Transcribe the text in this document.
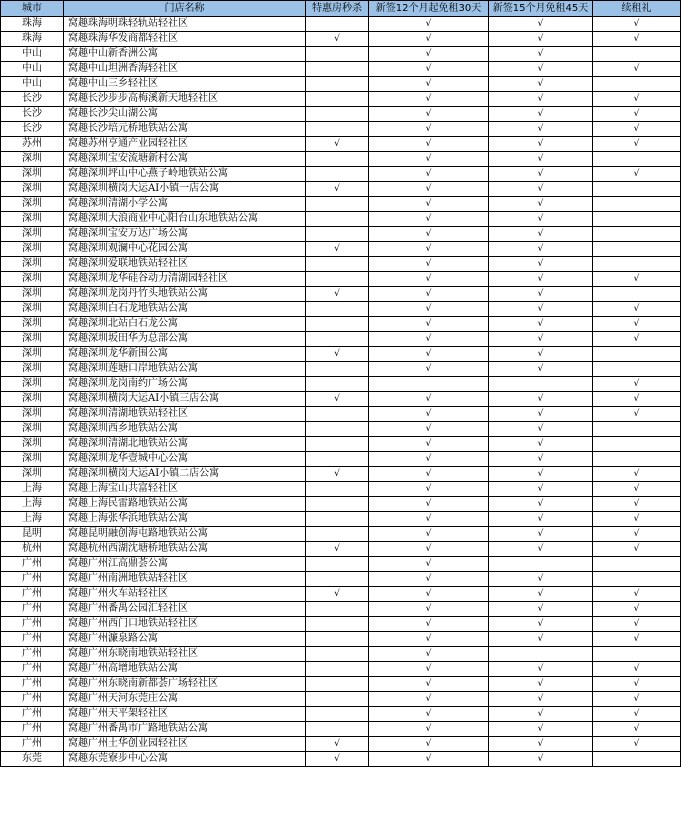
城市	门店名称	特惠房秒杀	新签12个月起免租30天	新签15个月免租45天	续租礼
珠海	窝趣珠海明珠轻轨站轻社区		√	√	√
珠海	窝趣珠海华发商都轻社区	√	√	√	√
中山	窝趣中山新香洲公寓		√	√	
中山	窝趣中山坦洲香海轻社区		√	√	√
中山	窝趣中山三乡轻社区		√	√	
长沙	窝趣长沙步步高梅溪新天地轻社区		√	√	√
长沙	窝趣长沙尖山湖公寓		√	√	√
长沙	窝趣长沙培元桥地铁站公寓		√	√	√
苏州	窝趣苏州亨通产业园轻社区	√	√	√	√
深圳	窝趣深圳宝安流塘新村公寓		√	√	
深圳	窝趣深圳坪山中心燕子岭地铁站公寓		√	√	√
深圳	窝趣深圳横岗大运AI小镇一店公寓	√	√	√	
深圳	窝趣深圳清湖小学公寓		√	√	
深圳	窝趣深圳大浪商业中心阳台山东地铁站公寓		√	√	
深圳	窝趣深圳宝安万达广场公寓		√	√	
深圳	窝趣深圳观澜中心花园公寓	√	√	√	
深圳	窝趣深圳爱联地铁站轻社区		√	√	
深圳	窝趣深圳龙华硅谷动力清湖园轻社区		√	√	√
深圳	窝趣深圳龙岗丹竹头地铁站公寓	√	√	√	
深圳	窝趣深圳白石龙地铁站公寓		√	√	√
深圳	窝趣深圳北站白石龙公寓		√	√	√
深圳	窝趣深圳坂田华为总部公寓		√	√	√
深圳	窝趣深圳龙华新围公寓	√	√	√	
深圳	窝趣深圳莲塘口岸地铁站公寓		√	√	
深圳	窝趣深圳龙岗南约广场公寓				√
深圳	窝趣深圳横岗大运AI小镇三店公寓	√	√	√	√
深圳	窝趣深圳清湖地铁站轻社区		√	√	√
深圳	窝趣深圳西乡地铁站公寓		√	√	
深圳	窝趣深圳清湖北地铁站公寓		√	√	
深圳	窝趣深圳龙华壹城中心公寓		√	√	
深圳	窝趣深圳横岗大运AI小镇二店公寓	√	√	√	√
上海	窝趣上海宝山共富轻社区		√	√	√
上海	窝趣上海民雷路地铁站公寓		√	√	√
上海	窝趣上海张华浜地铁站公寓		√	√	√
昆明	窝趣昆明融创海屯路地铁站公寓		√	√	√
杭州	窝趣杭州西湖沈塘桥地铁站公寓	√	√	√	√
广州	窝趣广州江高鼎荟公寓		√		
广州	窝趣广州南洲地铁站轻社区		√	√	
广州	窝趣广州火车站轻社区	√	√	√	√
广州	窝趣广州番禺公园汇轻社区		√	√	√
广州	窝趣广州西门口地铁站轻社区		√	√	√
广州	窝趣广州濂泉路公寓		√	√	√
广州	窝趣广州东晓南地铁站轻社区		√		
广州	窝趣广州高增地铁站公寓		√	√	√
广州	窝趣广州东晓南新都荟广场轻社区		√	√	√
广州	窝趣广州天河东莞庄公寓		√	√	√
广州	窝趣广州天平架轻社区		√	√	√
广州	窝趣广州番禺市广路地铁站公寓		√	√	√
广州	窝趣广州土华创业园轻社区	√	√	√	√
东莞	窝趣东莞寮步中心公寓	√	√	√	
